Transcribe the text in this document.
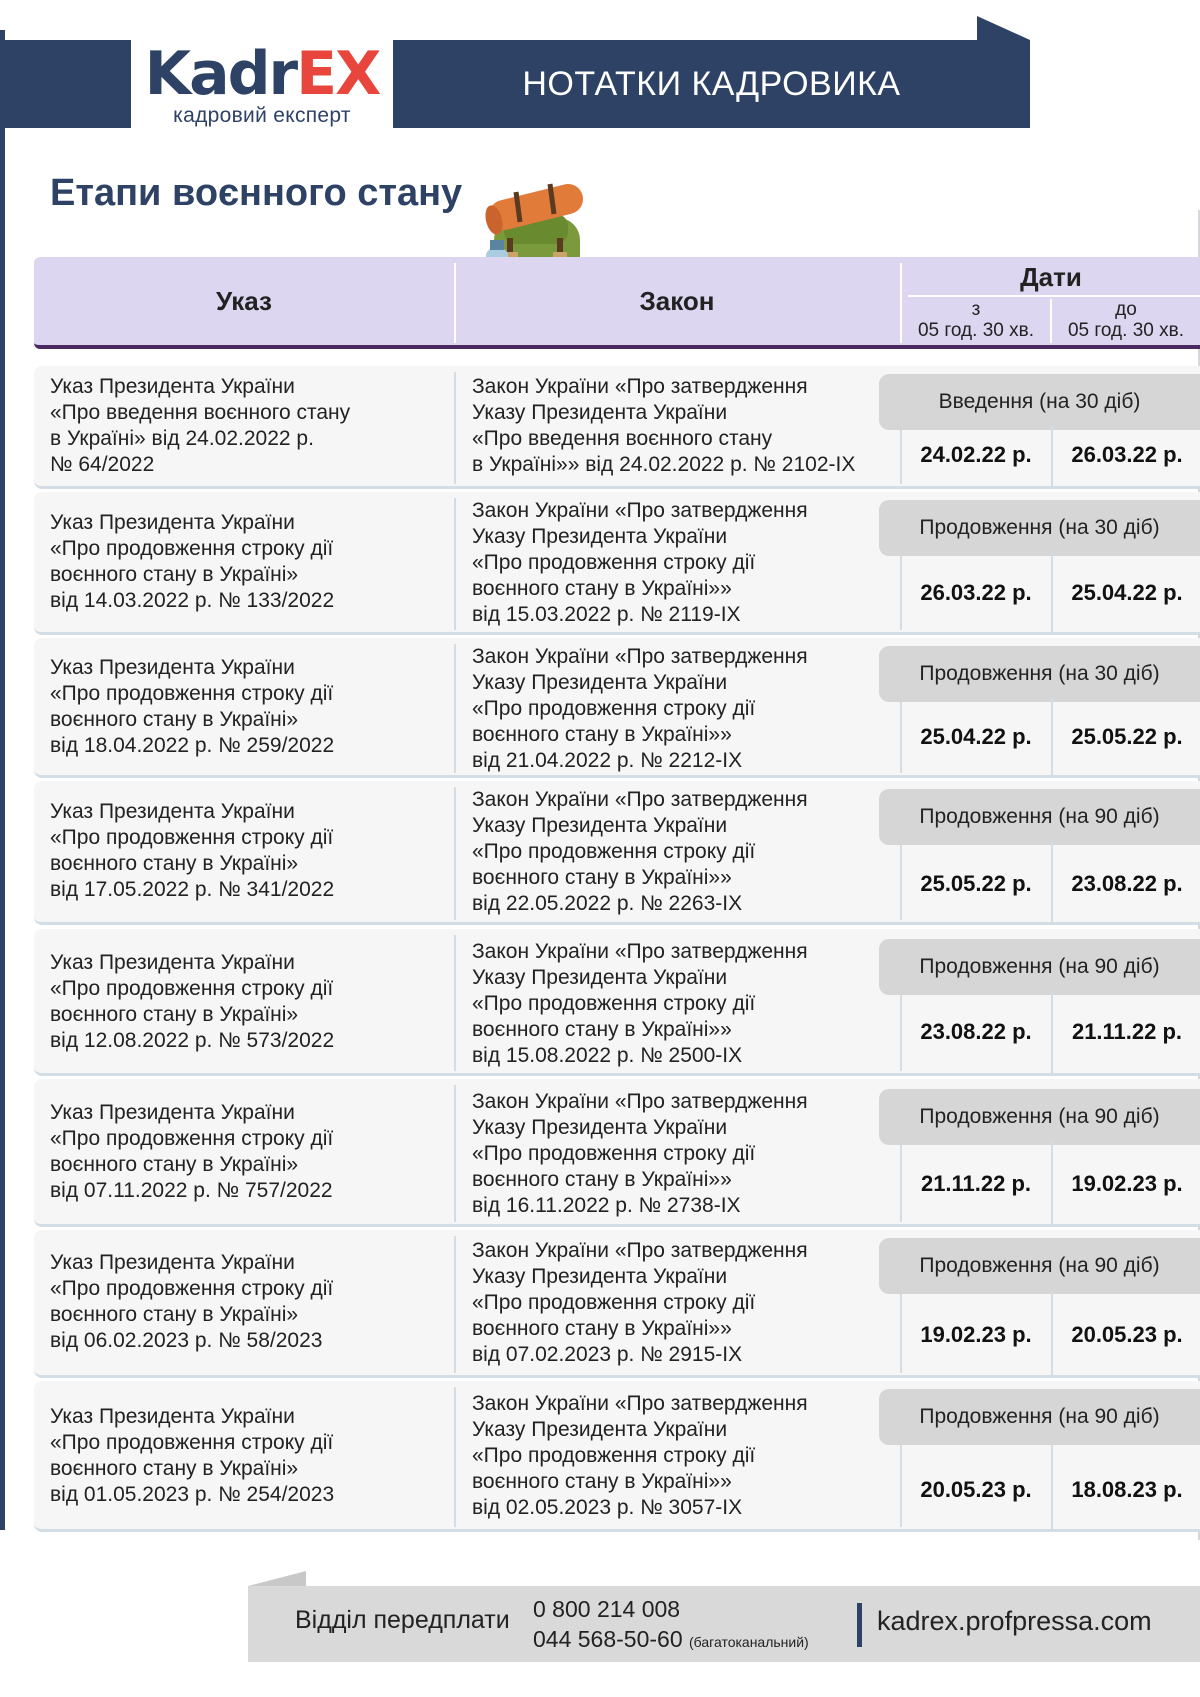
KadrEX
кадровий експерт
НОТАТКИ КАДРОВИКА
Етапи воєнного стану
Указ	Закон
Дати
з
05 год. 30 хв.
до
05 год. 30 хв.
Указ Президента України
«Про введення воєнного стану
в Україні» від 24.02.2022 р.
№ 64/2022
Закон України «Про затвердження
Указу Президента України
«Про введення воєнного стану
в Україні»» від 24.02.2022 р. № 2102-IX
Введення (на 30 діб)
24.02.22 р.	26.03.22 р.
Указ Президента України
«Про продовження строку дії
воєнного стану в Україні»
від 14.03.2022 р. № 133/2022
Закон України «Про затвердження
Указу Президента України
«Про продовження строку дії
воєнного стану в Україні»»
від 15.03.2022 р. № 2119-IX
Продовження (на 30 діб)
26.03.22 р.	25.04.22 р.
Указ Президента України
«Про продовження строку дії
воєнного стану в Україні»
від 18.04.2022 р. № 259/2022
Закон України «Про затвердження
Указу Президента України
«Про продовження строку дії
воєнного стану в Україні»»
від 21.04.2022 р. № 2212-IX
Продовження (на 30 діб)
25.04.22 р.	25.05.22 р.
Указ Президента України
«Про продовження строку дії
воєнного стану в Україні»
від 17.05.2022 р. № 341/2022
Закон України «Про затвердження
Указу Президента України
«Про продовження строку дії
воєнного стану в Україні»»
від 22.05.2022 р. № 2263-IX
Продовження (на 90 діб)
25.05.22 р.	23.08.22 р.
Указ Президента України
«Про продовження строку дії
воєнного стану в Україні»
від 12.08.2022 р. № 573/2022
Закон України «Про затвердження
Указу Президента України
«Про продовження строку дії
воєнного стану в Україні»»
від 15.08.2022 р. № 2500-IX
Продовження (на 90 діб)
23.08.22 р.	21.11.22 р.
Указ Президента України
«Про продовження строку дії
воєнного стану в Україні»
від 07.11.2022 р. № 757/2022
Закон України «Про затвердження
Указу Президента України
«Про продовження строку дії
воєнного стану в Україні»»
від 16.11.2022 р. № 2738-IX
Продовження (на 90 діб)
21.11.22 р.	19.02.23 р.
Указ Президента України
«Про продовження строку дії
воєнного стану в Україні»
від 06.02.2023 р. № 58/2023
Закон України «Про затвердження
Указу Президента України
«Про продовження строку дії
воєнного стану в Україні»»
від 07.02.2023 р. № 2915-IX
Продовження (на 90 діб)
19.02.23 р.	20.05.23 р.
Указ Президента України
«Про продовження строку дії
воєнного стану в Україні»
від 01.05.2023 р. № 254/2023
Закон України «Про затвердження
Указу Президента України
«Про продовження строку дії
воєнного стану в Україні»»
від 02.05.2023 р. № 3057-IX
Продовження (на 90 діб)
20.05.23 р.	18.08.23 р.
Відділ передплати 0 800 214 008
044 568-50-60 (багатоканальний)
kadrex.profpressa.com
